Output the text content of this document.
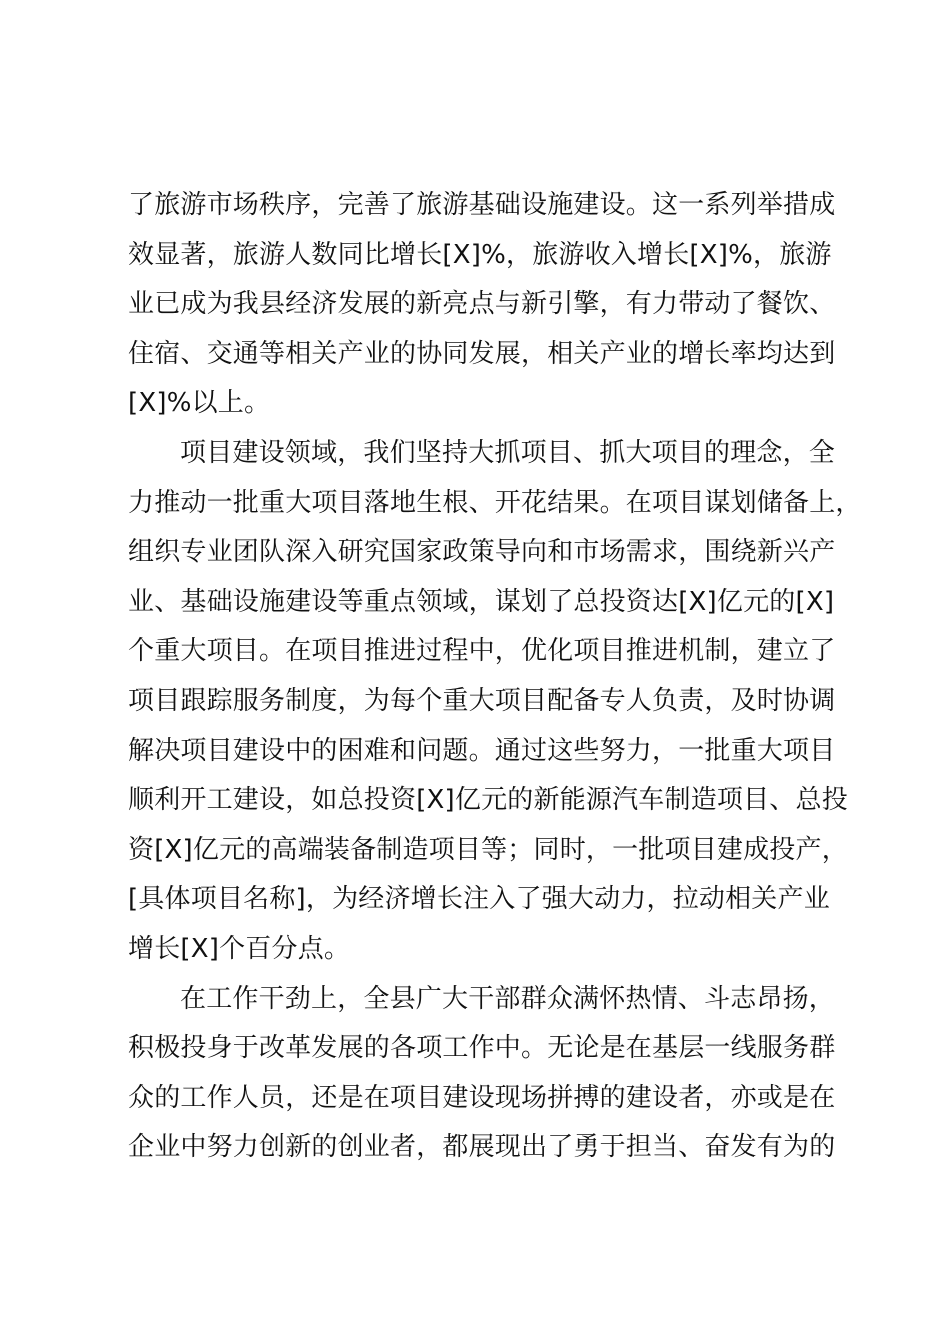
了旅游市场秩序，完善了旅游基础设施建设。这一系列举措成
效显著，旅游人数同比增长[X]%，旅游收入增长[X]%，旅游
业已成为我县经济发展的新亮点与新引擎，有力带动了餐饮、
住宿、交通等相关产业的协同发展，相关产业的增长率均达到
[X]%以上。
项目建设领域，我们坚持大抓项目、抓大项目的理念，全
力推动一批重大项目落地生根、开花结果。在项目谋划储备上，
组织专业团队深入研究国家政策导向和市场需求，围绕新兴产
业、基础设施建设等重点领域，谋划了总投资达[X]亿元的[X]
个重大项目。在项目推进过程中，优化项目推进机制，建立了
项目跟踪服务制度，为每个重大项目配备专人负责，及时协调
解决项目建设中的困难和问题。通过这些努力，一批重大项目
顺利开工建设，如总投资[X]亿元的新能源汽车制造项目、总投
资[X]亿元的高端装备制造项目等；同时，一批项目建成投产，
[具体项目名称]，为经济增长注入了强大动力，拉动相关产业
增长[X]个百分点。
在工作干劲上，全县广大干部群众满怀热情、斗志昂扬，
积极投身于改革发展的各项工作中。无论是在基层一线服务群
众的工作人员，还是在项目建设现场拼搏的建设者，亦或是在
企业中努力创新的创业者，都展现出了勇于担当、奋发有为的
